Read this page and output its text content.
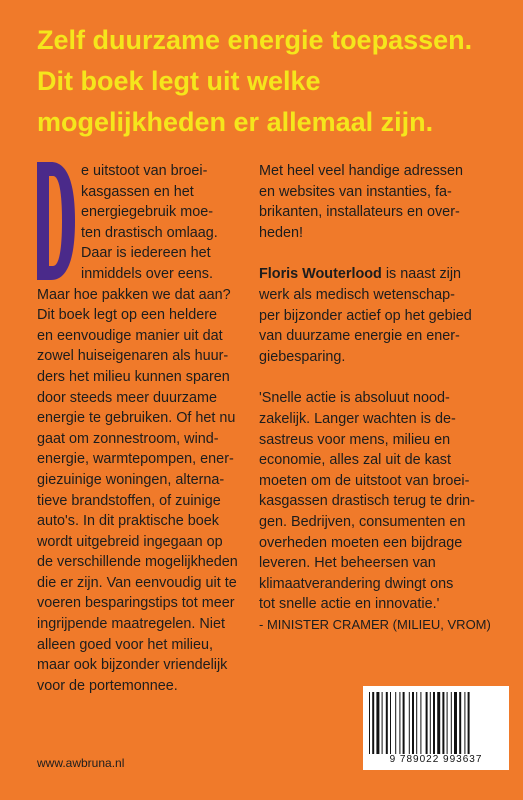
Zelf duurzame energie toepassen.
Dit boek legt uit welke
mogelijkheden er allemaal zijn.
e uitstoot van broei-
kasgassen en het
energiegebruik moe-
ten drastisch omlaag.
Daar is iedereen het
inmiddels over eens.
Maar hoe pakken we dat aan?
Dit boek legt op een heldere
en eenvoudige manier uit dat
zowel huiseigenaren als huur-
ders het milieu kunnen sparen
door steeds meer duurzame
energie te gebruiken. Of het nu
gaat om zonnestroom, wind-
energie, warmtepompen, ener-
giezuinige woningen, alterna-
tieve brandstoffen, of zuinige
auto's. In dit praktische boek
wordt uitgebreid ingegaan op
de verschillende mogelijkheden
die er zijn. Van eenvoudig uit te
voeren besparingstips tot meer
ingrijpende maatregelen. Niet
alleen goed voor het milieu,
maar ook bijzonder vriendelijk
voor de portemonnee.
Met heel veel handige adressen
en websites van instanties, fa-
brikanten, installateurs en over-
heden!
Floris Wouterlood is naast zijn
werk als medisch wetenschap-
per bijzonder actief op het gebied
van duurzame energie en ener-
giebesparing.
'Snelle actie is absoluut nood-
zakelijk. Langer wachten is de-
sastreus voor mens, milieu en
economie, alles zal uit de kast
moeten om de uitstoot van broei-
kasgassen drastisch terug te drin-
gen. Bedrijven, consumenten en
overheden moeten een bijdrage
leveren. Het beheersen van
klimaatverandering dwingt ons
tot snelle actie en innovatie.'
- MINISTER CRAMER (MILIEU, VROM)
9 789022 993637
www.awbruna.nl
